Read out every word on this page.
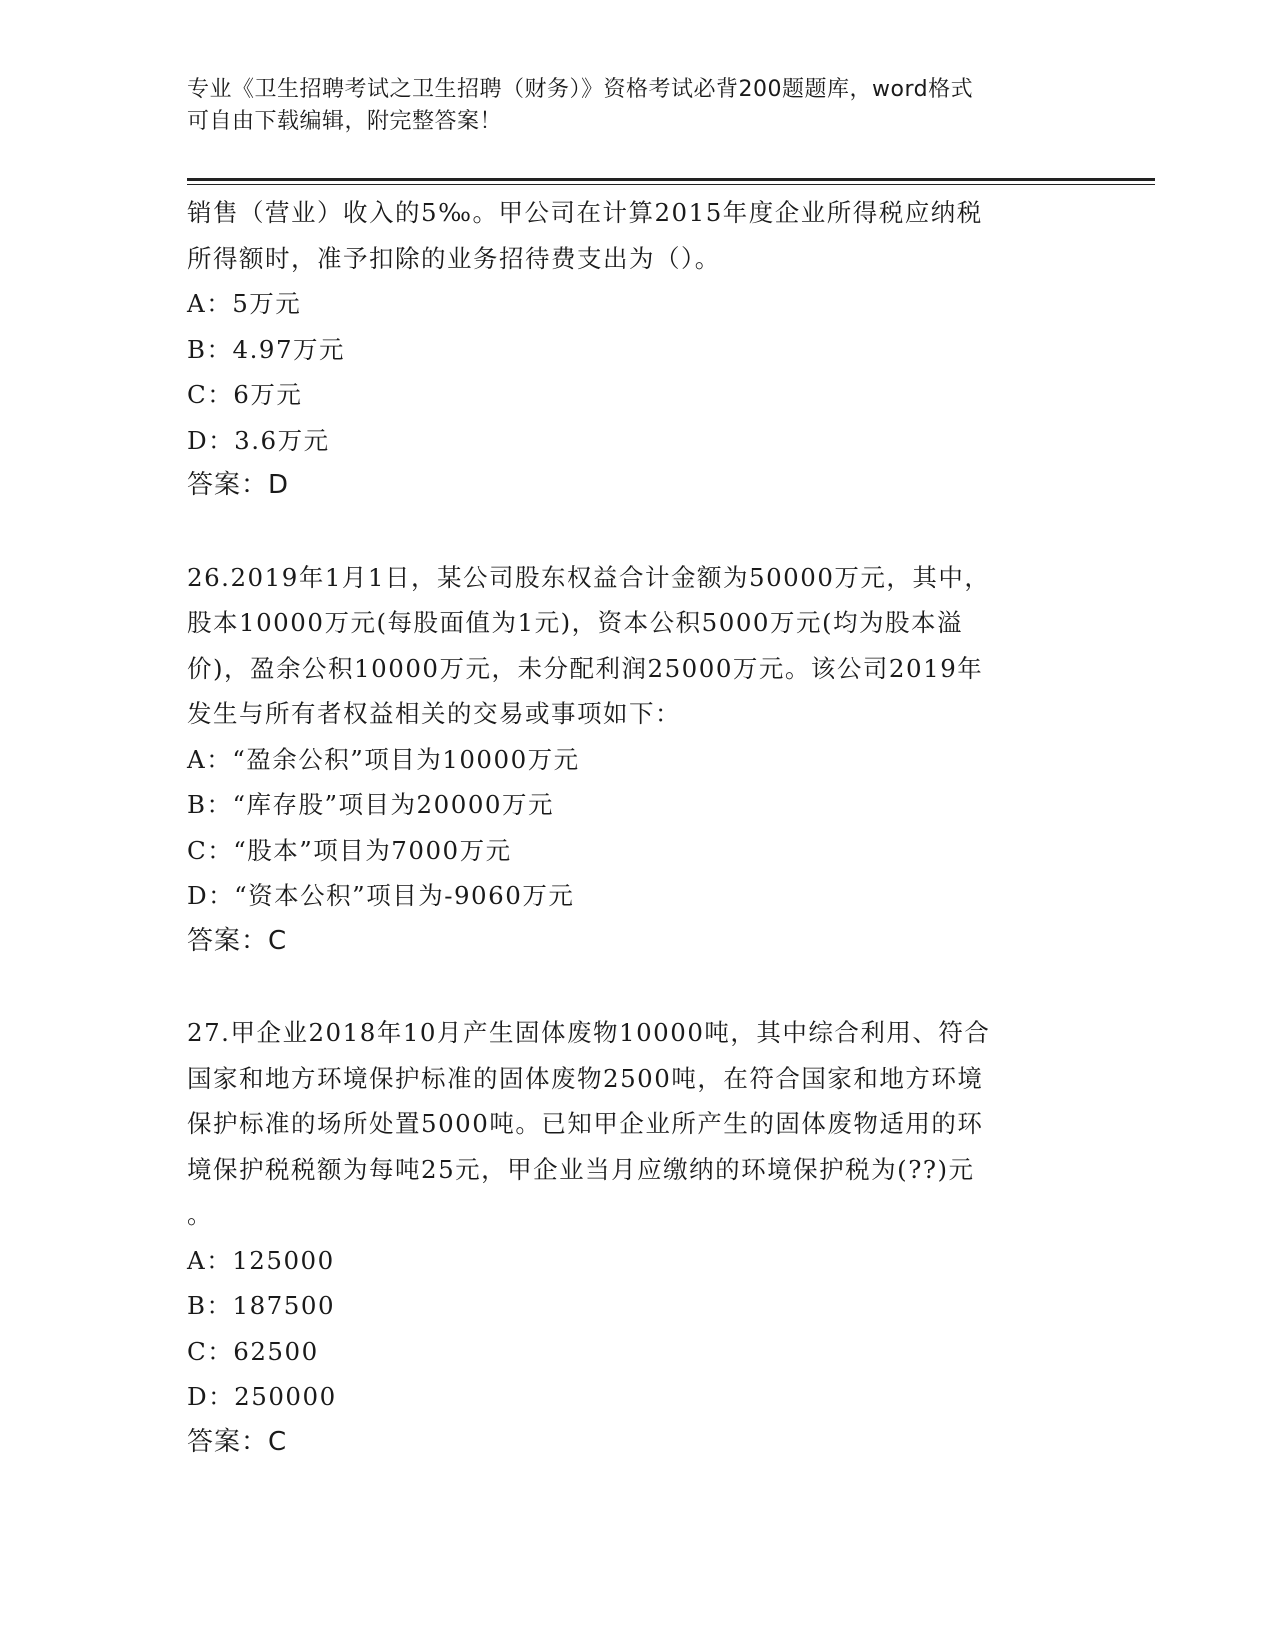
专业《卫生招聘考试之卫生招聘（财务）》资格考试必背200题题库，word格式
可自由下载编辑，附完整答案！

销售（营业）收入的5‰。甲公司在计算2015年度企业所得税应纳税

所得额时，准予扣除的业务招待费支出为（）。

A：5万元

B：4.97万元

C：6万元

D：3.6万元

答案：D

26.2019年1月1日，某公司股东权益合计金额为50000万元，其中，

股本10000万元(每股面值为1元)，资本公积5000万元(均为股本溢

价)，盈余公积10000万元，未分配利润25000万元。该公司2019年

发生与所有者权益相关的交易或事项如下：

A：“盈余公积”项目为10000万元

B：“库存股”项目为20000万元

C：“股本”项目为7000万元

D：“资本公积”项目为-9060万元

答案：C

27.甲企业2018年10月产生固体废物10000吨，其中综合利用、符合

国家和地方环境保护标准的固体废物2500吨，在符合国家和地方环境

保护标准的场所处置5000吨。已知甲企业所产生的固体废物适用的环

境保护税税额为每吨25元，甲企业当月应缴纳的环境保护税为(??)元

。

A：125000

B：187500

C：62500

D：250000

答案：C
